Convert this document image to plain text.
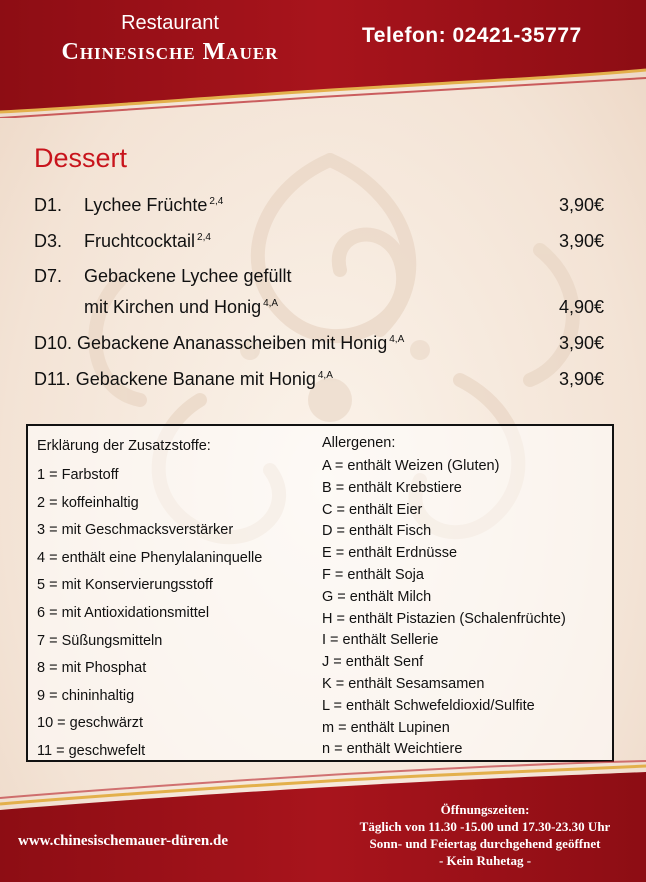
Restaurant
Chinesische Mauer
Telefon: 02421-35777
Dessert
D1. Lychee Früchte $^{2,4}$	3,90€
D3. Fruchtcocktail $^{2,4}$	3,90€
D7. Gebackene Lychee gefüllt
mit Kirchen und Honig $^{4,A}$	4,90€
D10. Gebackene Ananasscheiben mit Honig $^{4,A}$	3,90€
D11. Gebackene Banane mit Honig $^{4,A}$	3,90€
Erklärung der Zusatzstoffe:
1 = Farbstoff
2 = koffeinhaltig
3 = mit Geschmacksverstärker
4 = enthält eine Phenylalaninquelle
5 = mit Konservierungsstoff
6 = mit Antioxidationsmittel
7 = Süßungsmitteln
8 = mit Phosphat
9 = chininhaltig
10 = geschwärzt
11 = geschwefelt
Allergenen:
A = enthält Weizen (Gluten)
B = enthält Krebstiere
C = enthält Eier
D = enthält Fisch
E = enthält Erdnüsse
F = enthält Soja
G = enthält Milch
H = enthält Pistazien (Schalenfrüchte)
I = enthält Sellerie
J = enthält Senf
K = enthält Sesamsamen
L = enthält Schwefeldioxid/Sulfite
m = enthält Lupinen
n = enthält Weichtiere
www.chinesischemauer-düren.de
Öffnungszeiten:
Täglich von 11.30 -15.00 und 17.30-23.30 Uhr
Sonn- und Feiertag durchgehend geöffnet
- Kein Ruhetag -
